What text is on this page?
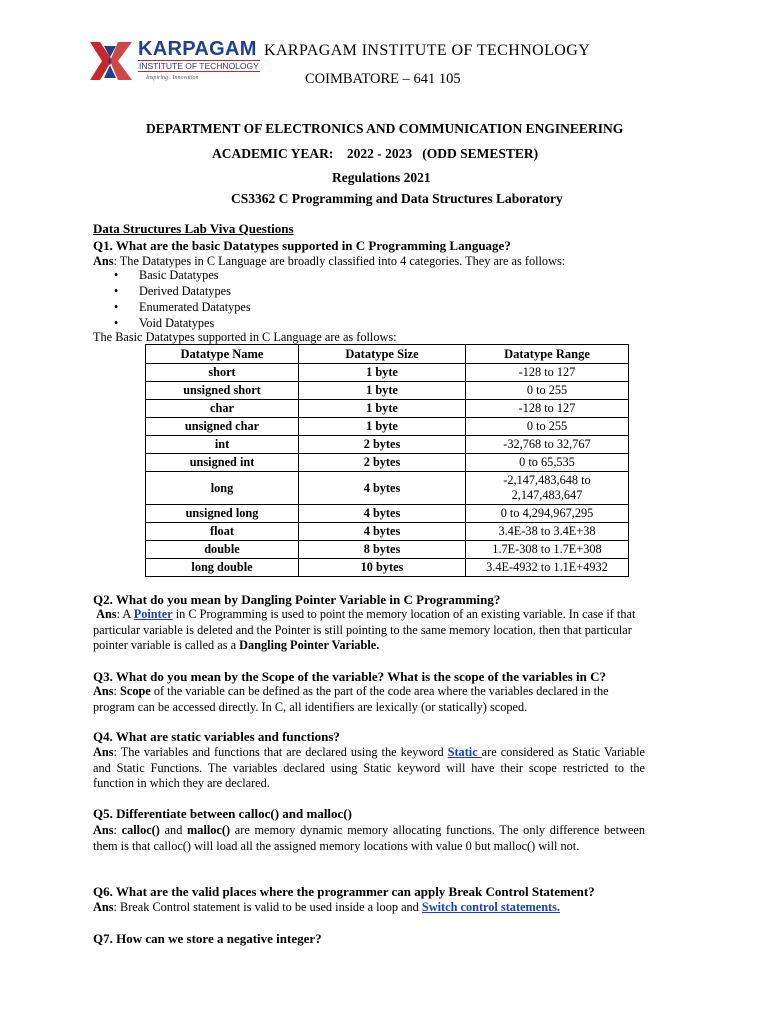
KARPAGAM
INSTITUTE OF TECHNOLOGY
Inspiring . Innovation
KARPAGAM INSTITUTE OF TECHNOLOGY
COIMBATORE – 641 105
DEPARTMENT OF ELECTRONICS AND COMMUNICATION ENGINEERING
ACADEMIC YEAR:    2022 - 2023   (ODD SEMESTER)
Regulations 2021
CS3362 C Programming and Data Structures Laboratory
Data Structures Lab Viva Questions
Q1. What are the basic Datatypes supported in C Programming Language?
Ans: The Datatypes in C Language are broadly classified into 4 categories. They are as follows:
• Basic Datatypes
• Derived Datatypes
• Enumerated Datatypes
• Void Datatypes
The Basic Datatypes supported in C Language are as follows:
Datatype Name	Datatype Size	Datatype Range
short	1 byte	-128 to 127
unsigned short	1 byte	0 to 255
char	1 byte	-128 to 127
unsigned char	1 byte	0 to 255
int	2 bytes	-32,768 to 32,767
unsigned int	2 bytes	0 to 65,535
long	4 bytes	-2,147,483,648 to 2,147,483,647
unsigned long	4 bytes	0 to 4,294,967,295
float	4 bytes	3.4E-38 to 3.4E+38
double	8 bytes	1.7E-308 to 1.7E+308
long double	10 bytes	3.4E-4932 to 1.1E+4932
Q2. What do you mean by Dangling Pointer Variable in C Programming?
Ans: A Pointer in C Programming is used to point the memory location of an existing variable. In case if that particular variable is deleted and the Pointer is still pointing to the same memory location, then that particular pointer variable is called as a Dangling Pointer Variable.
Q3. What do you mean by the Scope of the variable? What is the scope of the variables in C?
Ans: Scope of the variable can be defined as the part of the code area where the variables declared in the program can be accessed directly. In C, all identifiers are lexically (or statically) scoped.
Q4. What are static variables and functions?
Ans: The variables and functions that are declared using the keyword Static are considered as Static Variable and Static Functions. The variables declared using Static keyword will have their scope restricted to the function in which they are declared.
Q5. Differentiate between calloc() and malloc()
Ans: calloc() and malloc() are memory dynamic memory allocating functions. The only difference between them is that calloc() will load all the assigned memory locations with value 0 but malloc() will not.
Q6. What are the valid places where the programmer can apply Break Control Statement?
Ans: Break Control statement is valid to be used inside a loop and Switch control statements.
Q7. How can we store a negative integer?
